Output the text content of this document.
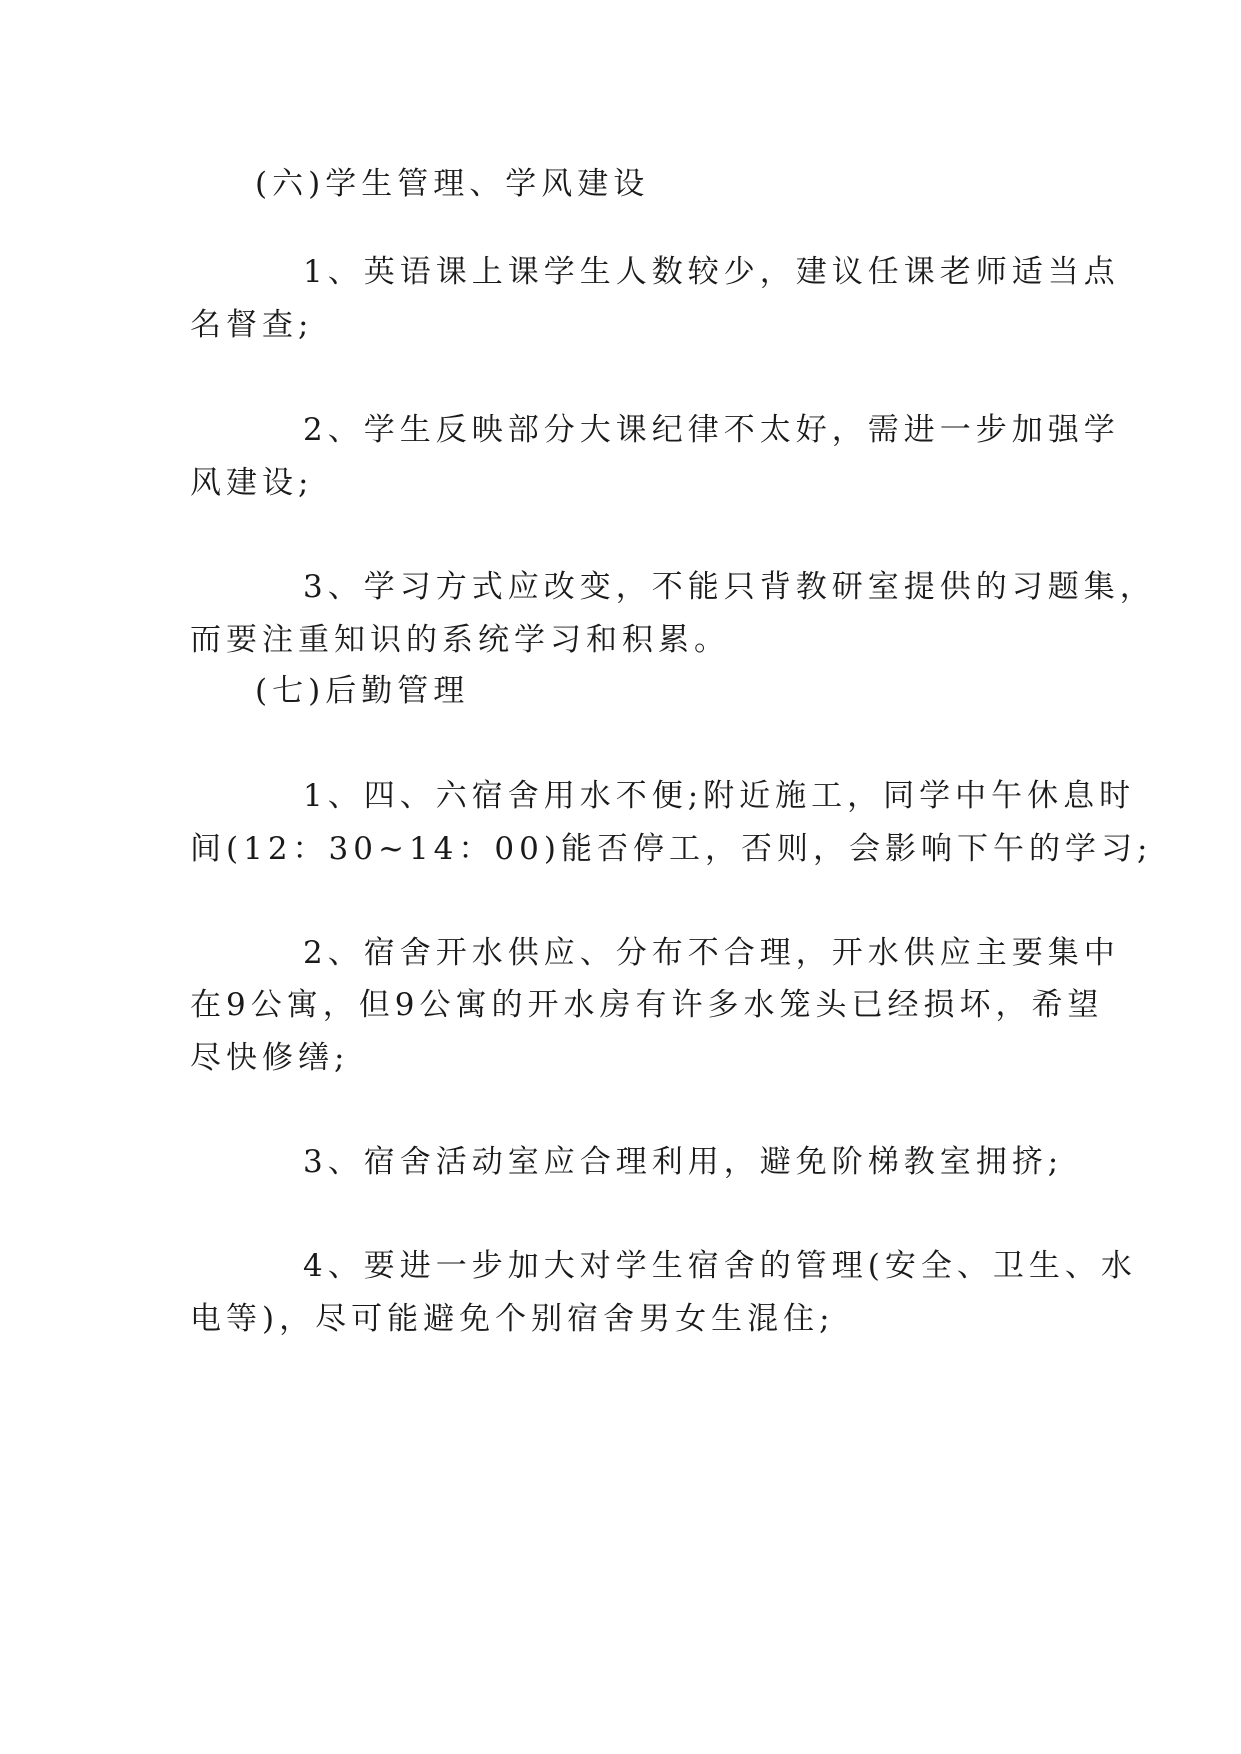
(六)学生管理、学风建设
1、英语课上课学生人数较少，建议任课老师适当点
名督查;
2、学生反映部分大课纪律不太好，需进一步加强学
风建设;
3、学习方式应改变，不能只背教研室提供的习题集，
而要注重知识的系统学习和积累。
(七)后勤管理
1、四、六宿舍用水不便;附近施工，同学中午休息时
间(12：30~14：00)能否停工，否则，会影响下午的学习;
2、宿舍开水供应、分布不合理，开水供应主要集中
在9公寓，但9公寓的开水房有许多水笼头已经损坏，希望
尽快修缮;
3、宿舍活动室应合理利用，避免阶梯教室拥挤;
4、要进一步加大对学生宿舍的管理(安全、卫生、水
电等)，尽可能避免个别宿舍男女生混住;
